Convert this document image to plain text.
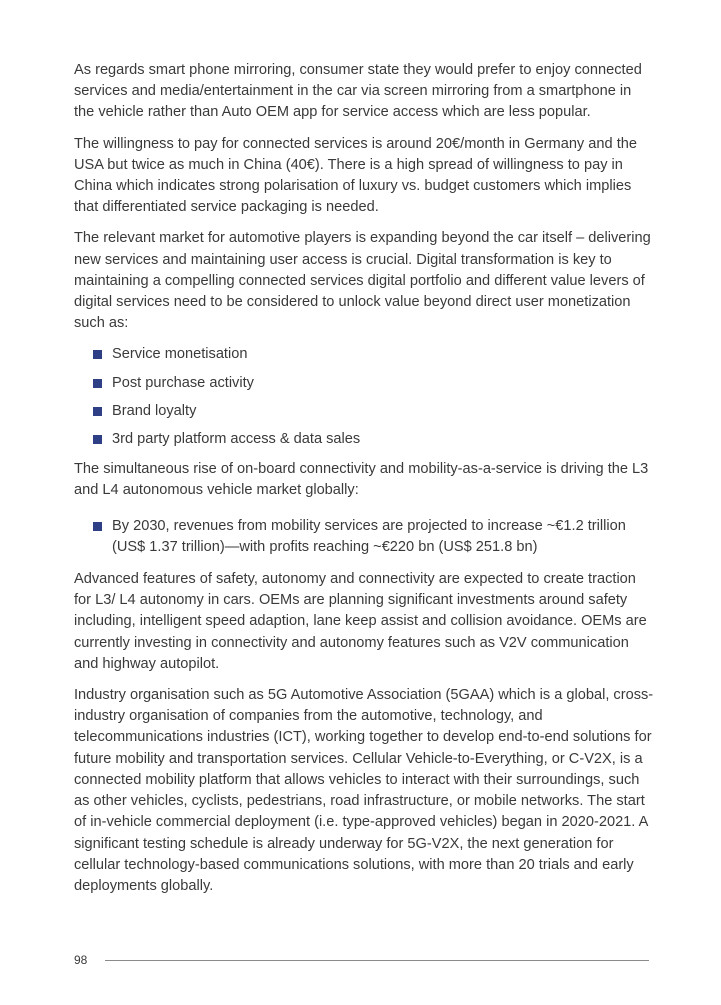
As regards smart phone mirroring, consumer state they would prefer to enjoy connected services and media/entertainment in the car via screen mirroring from a smartphone in the vehicle rather than Auto OEM app for service access which are less popular.

The willingness to pay for connected services is around 20€/month in Germany and the USA but twice as much in China (40€). There is a high spread of willingness to pay in China which indicates strong polarisation of luxury vs. budget customers which implies that differentiated service packaging is needed.

The relevant market for automotive players is expanding beyond the car itself – delivering new services and maintaining user access is crucial. Digital transformation is key to maintaining a compelling connected services digital portfolio and different value levers of digital services need to be considered to unlock value beyond direct user monetization such as:

Service monetisation
Post purchase activity
Brand loyalty
3rd party platform access & data sales

The simultaneous rise of on-board connectivity and mobility-as-a-service is driving the L3 and L4 autonomous vehicle market globally:

By 2030, revenues from mobility services are projected to increase ~€1.2 trillion (US$ 1.37 trillion)—with profits reaching ~€220 bn (US$ 251.8 bn)

Advanced features of safety, autonomy and connectivity are expected to create traction for L3/ L4 autonomy in cars. OEMs are planning significant investments around safety including, intelligent speed adaption, lane keep assist and collision avoidance. OEMs are currently investing in connectivity and autonomy features such as V2V communication and highway autopilot.

Industry organisation such as 5G Automotive Association (5GAA) which is a global, cross-industry organisation of companies from the automotive, technology, and telecommunications industries (ICT), working together to develop end-to-end solutions for future mobility and transportation services. Cellular Vehicle-to-Everything, or C-V2X, is a connected mobility platform that allows vehicles to interact with their surroundings, such as other vehicles, cyclists, pedestrians, road infrastructure, or mobile networks. The start of in-vehicle commercial deployment (i.e. type-approved vehicles) began in 2020-2021. A significant testing schedule is already underway for 5G-V2X, the next generation for cellular technology-based communications solutions, with more than 20 trials and early deployments globally.

98
